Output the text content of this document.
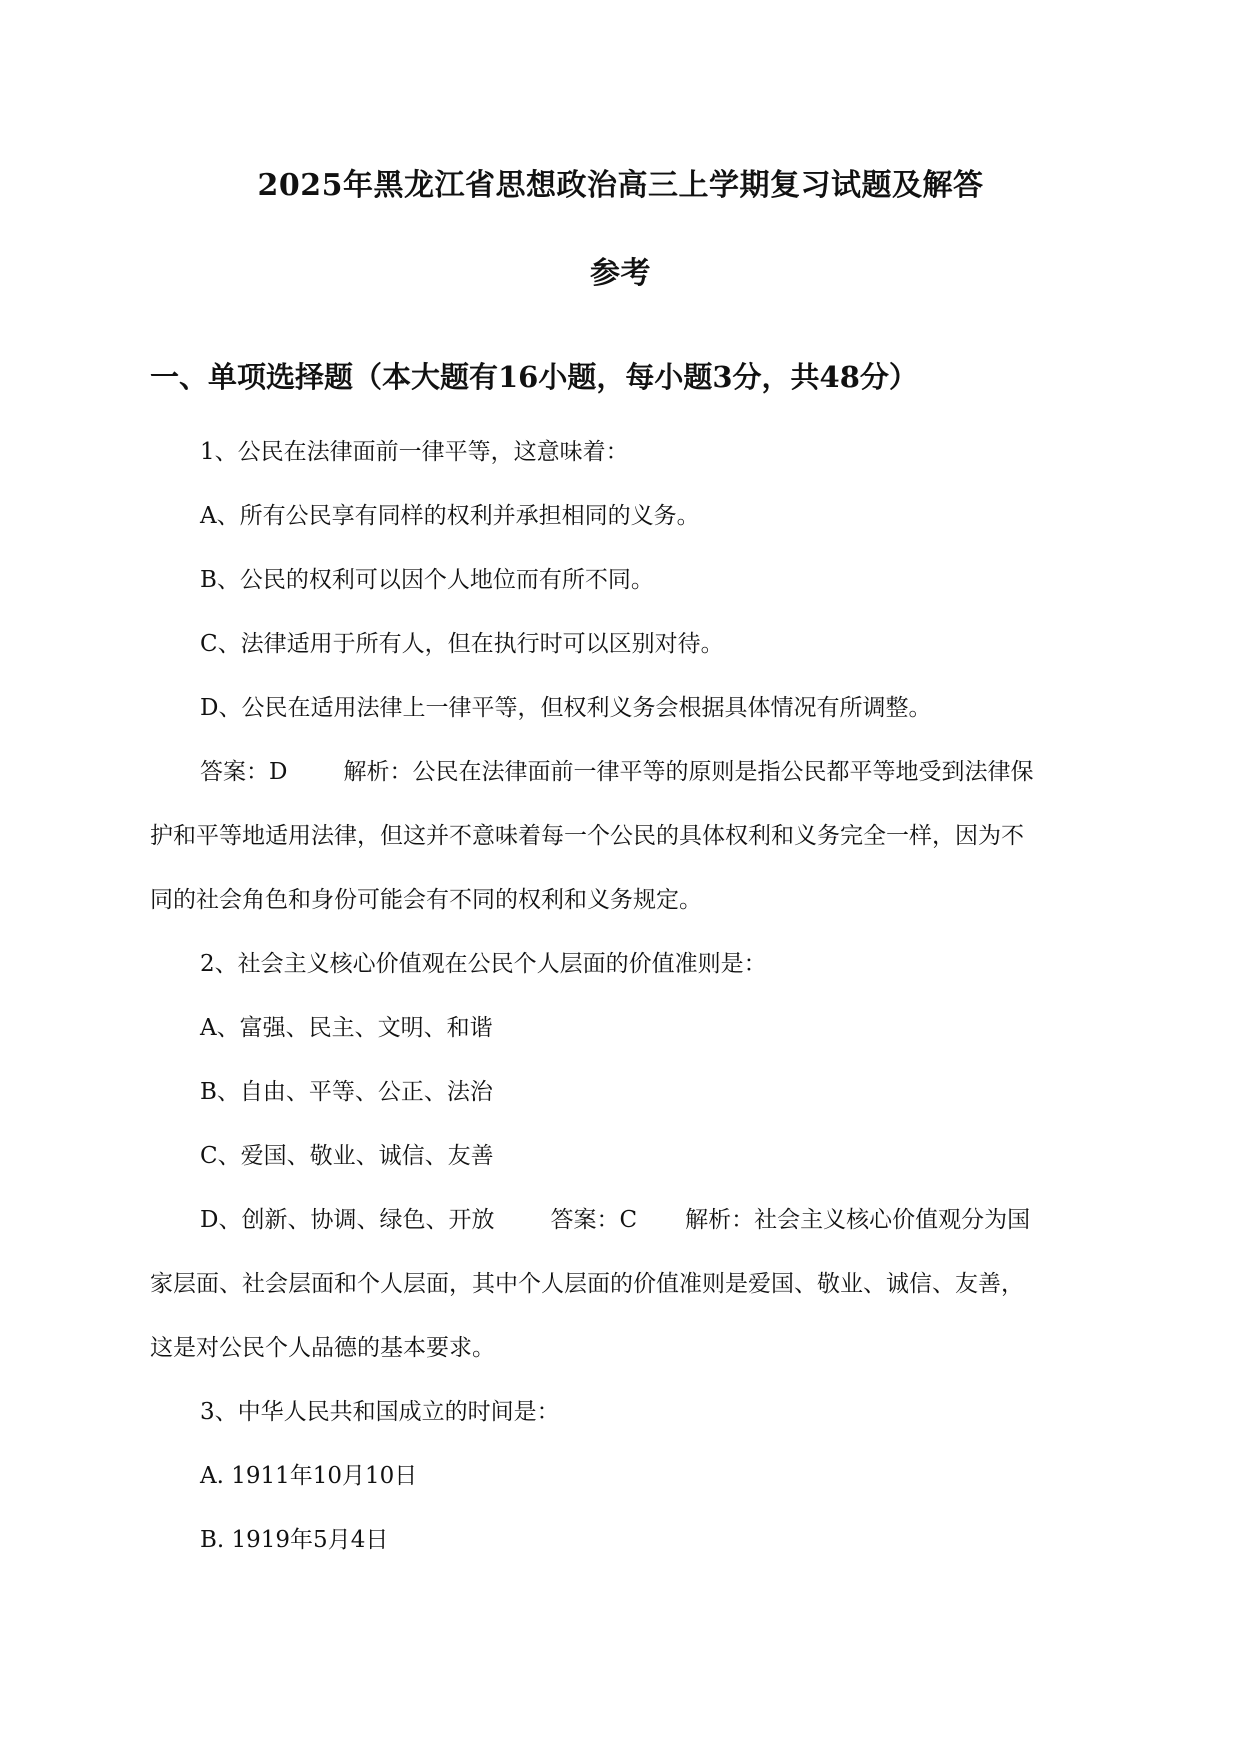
2025年黑龙江省思想政治高三上学期复习试题及解答
参考
一、单项选择题（本大题有16小题，每小题3分，共48分）
1、公民在法律面前一律平等，这意味着：
A、所有公民享有同样的权利并承担相同的义务。
B、公民的权利可以因个人地位而有所不同。
C、法律适用于所有人，但在执行时可以区别对待。
D、公民在适用法律上一律平等，但权利义务会根据具体情况有所调整。
答案：D 解析：公民在法律面前一律平等的原则是指公民都平等地受到法律保
护和平等地适用法律，但这并不意味着每一个公民的具体权利和义务完全一样，因为不
同的社会角色和身份可能会有不同的权利和义务规定。
2、社会主义核心价值观在公民个人层面的价值准则是：
A、富强、民主、文明、和谐
B、自由、平等、公正、法治
C、爱国、敬业、诚信、友善
D、创新、协调、绿色、开放 答案：C 解析：社会主义核心价值观分为国
家层面、社会层面和个人层面，其中个人层面的价值准则是爱国、敬业、诚信、友善，
这是对公民个人品德的基本要求。
3、中华人民共和国成立的时间是：
A. 1911年10月10日
B. 1919年5月4日
